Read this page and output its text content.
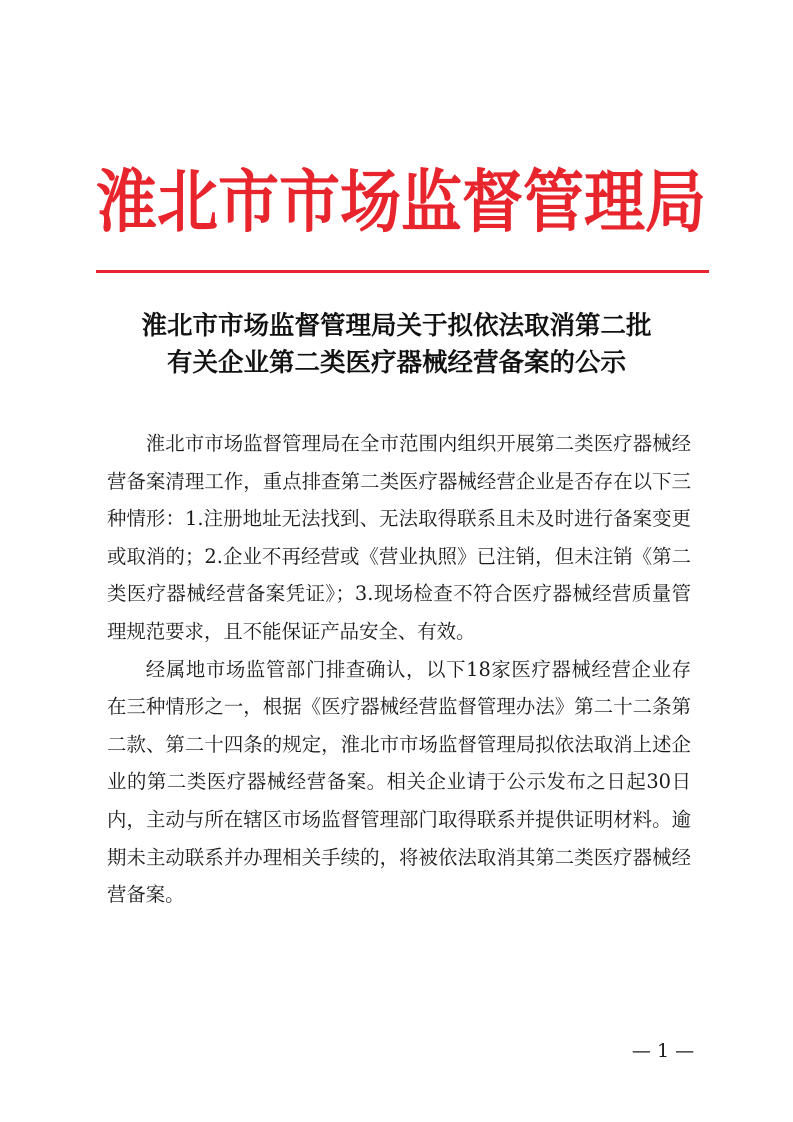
淮北市市场监督管理局
淮北市市场监督管理局关于拟依法取消第二批
有关企业第二类医疗器械经营备案的公示

淮北市市场监督管理局在全市范围内组织开展第二类医疗器械经营备案清理工作，重点排查第二类医疗器械经营企业是否存在以下三种情形：1.注册地址无法找到、无法取得联系且未及时进行备案变更或取消的；2.企业不再经营或《营业执照》已注销，但未注销《第二类医疗器械经营备案凭证》；3.现场检查不符合医疗器械经营质量管理规范要求，且不能保证产品安全、有效。

经属地市场监管部门排查确认，以下18家医疗器械经营企业存在三种情形之一，根据《医疗器械经营监督管理办法》第二十二条第二款、第二十四条的规定，淮北市市场监督管理局拟依法取消上述企业的第二类医疗器械经营备案。相关企业请于公示发布之日起30日内，主动与所在辖区市场监督管理部门取得联系并提供证明材料。逾期未主动联系并办理相关手续的，将被依法取消其第二类医疗器械经营备案。

— 1 —
